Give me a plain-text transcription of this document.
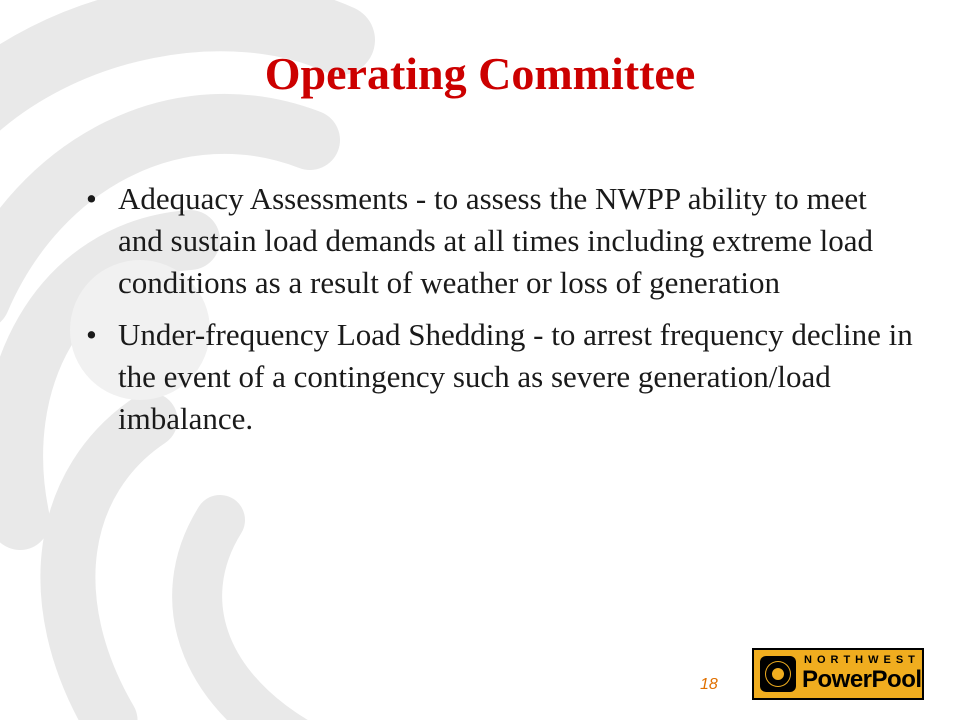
Operating Committee
• Adequacy Assessments - to assess the NWPP ability to meet and sustain load demands at all times including extreme load conditions as a result of weather or loss of generation
• Under-frequency Load Shedding - to arrest frequency decline in the event of a contingency such as severe generation/load imbalance.
18
NORTHWEST
PowerPool
